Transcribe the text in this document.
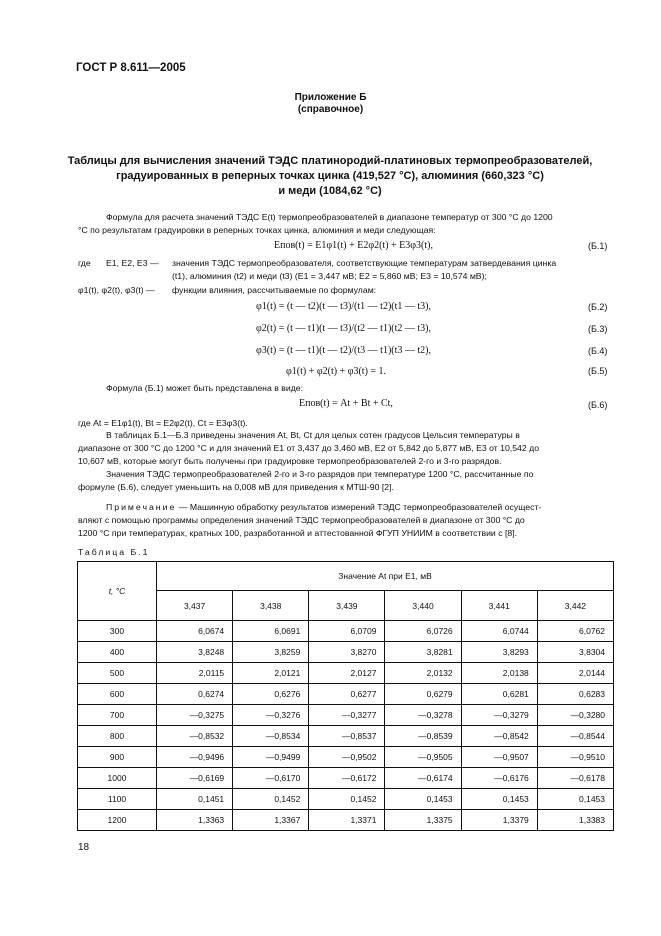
ГОСТ Р 8.611—2005
Приложение Б
(справочное)
Таблицы для вычисления значений ТЭДС платинородий-платиновых термопреобразователей,
градуированных в реперных точках цинка (419,527 °С), алюминия (660,323 °С)
и меди (1084,62 °С)
Формула для расчета значений ТЭДС E(t) термопреобразователей в диапазоне температур от 300 °С до 1200
°С по результатам градуировки в реперных точках цинка, алюминия и меди следующая:
Eпов(t) = E1φ1(t) + E2φ2(t) + E3φ3(t),	(Б.1)
где E1, E2, E3 — значения ТЭДС термопреобразователя, соответствующие температурам затвердевания цинка
(t1), алюминия (t2) и меди (t3) (E1 = 3,447 мВ; E2 = 5,860 мВ; E3 = 10,574 мВ);
φ1(t), φ2(t), φ3(t) — функции влияния, рассчитываемые по формулам:
φ1(t) = (t — t2)(t — t3)/(t1 — t2)(t1 — t3),	(Б.2)
φ2(t) = (t — t1)(t — t3)/(t2 — t1)(t2 — t3),	(Б.3)
φ3(t) = (t — t1)(t — t2)/(t3 — t1)(t3 — t2),	(Б.4)
φ1(t) + φ2(t) + φ3(t) = 1.	(Б.5)
Формула (Б.1) может быть представлена в виде:
Eпов(t) = At + Bt + Ct,	(Б.6)
где At = E1φ1(t), Bt = E2φ2(t), Ct = E3φ3(t).
В таблицах Б.1—Б.3 приведены значения At, Bt, Ct для целых сотен градусов Цельсия температуры в
диапазоне от 300 °С до 1200 °С и для значений E1 от 3,437 до 3,460 мВ, E2 от 5,842 до 5,877 мВ, E3 от 10,542 до
10,607 мВ, которые могут быть получены при градуировке термопреобразователей 2-го и 3-го разрядов.
Значения ТЭДС термопреобразователей 2-го и 3-го разрядов при температуре 1200 °С, рассчитанные по
формуле (Б.6), следует уменьшить на 0,008 мВ для приведения к МТШ-90 [2].
Примечание — Машинную обработку результатов измерений ТЭДС термопреобразователей осущест-
вляют с помощью программы определения значений ТЭДС термопреобразователей в диапазоне от 300 °С до
1200 °С при температурах, кратных 100, разработанной и аттестованной ФГУП УНИИМ в соответствии с [8].
Таблица Б.1
t, °С	Значение At при E1, мВ					
	3,437	3,438	3,439	3,440	3,441	3,442
300	6,0674	6,0691	6,0709	6,0726	6,0744	6,0762
400	3,8248	3,8259	3,8270	3,8281	3,8293	3,8304
500	2,0115	2,0121	2,0127	2,0132	2,0138	2,0144
600	0,6274	0,6276	0,6277	0,6279	0,6281	0,6283
700	—0,3275	—0,3276	—0,3277	—0,3278	—0,3279	—0,3280
800	—0,8532	—0,8534	—0,8537	—0,8539	—0,8542	—0,8544
900	—0,9496	—0,9499	—0,9502	—0,9505	—0,9507	—0,9510
1000	—0,6169	—0,6170	—0,6172	—0,6174	—0,6176	—0,6178
1100	0,1451	0,1452	0,1452	0,1453	0,1453	0,1453
1200	1,3363	1,3367	1,3371	1,3375	1,3379	1,3383
18
